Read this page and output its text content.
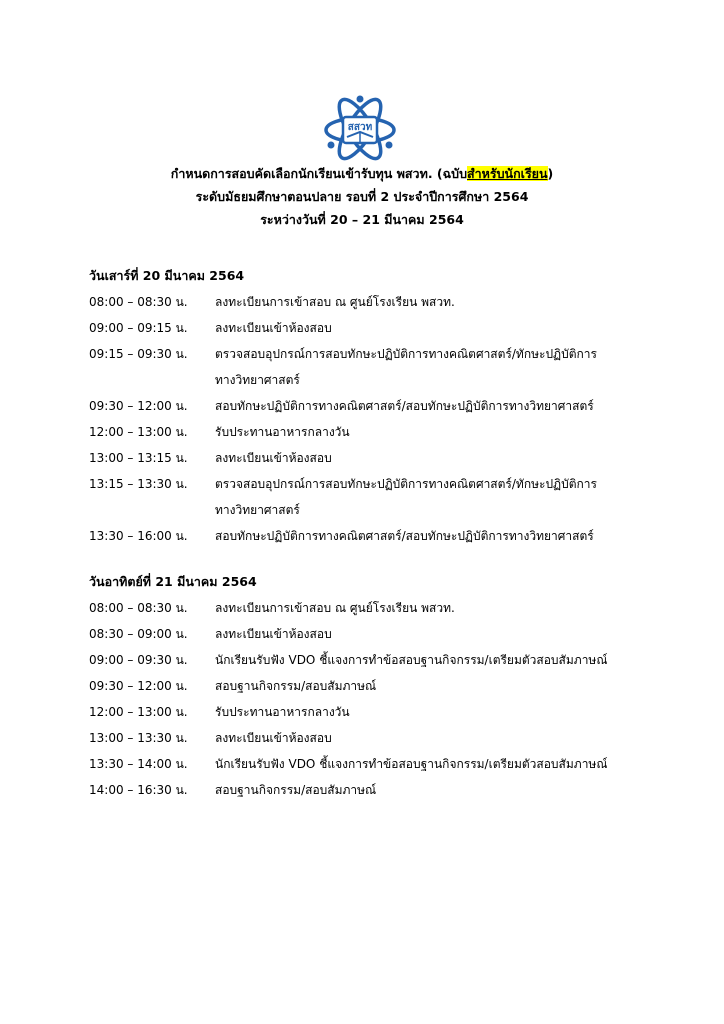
สสวท
กำหนดการสอบคัดเลือกนักเรียนเข้ารับทุน พสวท. (ฉบับสำหรับนักเรียน)
ระดับมัธยมศึกษาตอนปลาย รอบที่ 2 ประจำปีการศึกษา 2564
ระหว่างวันที่ 20 – 21 มีนาคม 2564
วันเสาร์ที่ 20 มีนาคม 2564
08:00 – 08:30 น.	ลงทะเบียนการเข้าสอบ ณ ศูนย์โรงเรียน พสวท.
09:00 – 09:15 น.	ลงทะเบียนเข้าห้องสอบ
09:15 – 09:30 น.	ตรวจสอบอุปกรณ์การสอบทักษะปฏิบัติการทางคณิตศาสตร์/ทักษะปฏิบัติการ
ทางวิทยาศาสตร์
09:30 – 12:00 น.	สอบทักษะปฏิบัติการทางคณิตศาสตร์/สอบทักษะปฏิบัติการทางวิทยาศาสตร์
12:00 – 13:00 น.	รับประทานอาหารกลางวัน
13:00 – 13:15 น.	ลงทะเบียนเข้าห้องสอบ
13:15 – 13:30 น.	ตรวจสอบอุปกรณ์การสอบทักษะปฏิบัติการทางคณิตศาสตร์/ทักษะปฏิบัติการ
ทางวิทยาศาสตร์
13:30 – 16:00 น.	สอบทักษะปฏิบัติการทางคณิตศาสตร์/สอบทักษะปฏิบัติการทางวิทยาศาสตร์
วันอาทิตย์ที่ 21 มีนาคม 2564
08:00 – 08:30 น.	ลงทะเบียนการเข้าสอบ ณ ศูนย์โรงเรียน พสวท.
08:30 – 09:00 น.	ลงทะเบียนเข้าห้องสอบ
09:00 – 09:30 น.	นักเรียนรับฟัง VDO ชี้แจงการทำข้อสอบฐานกิจกรรม/เตรียมตัวสอบสัมภาษณ์
09:30 – 12:00 น.	สอบฐานกิจกรรม/สอบสัมภาษณ์
12:00 – 13:00 น.	รับประทานอาหารกลางวัน
13:00 – 13:30 น.	ลงทะเบียนเข้าห้องสอบ
13:30 – 14:00 น.	นักเรียนรับฟัง VDO ชี้แจงการทำข้อสอบฐานกิจกรรม/เตรียมตัวสอบสัมภาษณ์
14:00 – 16:30 น.	สอบฐานกิจกรรม/สอบสัมภาษณ์
